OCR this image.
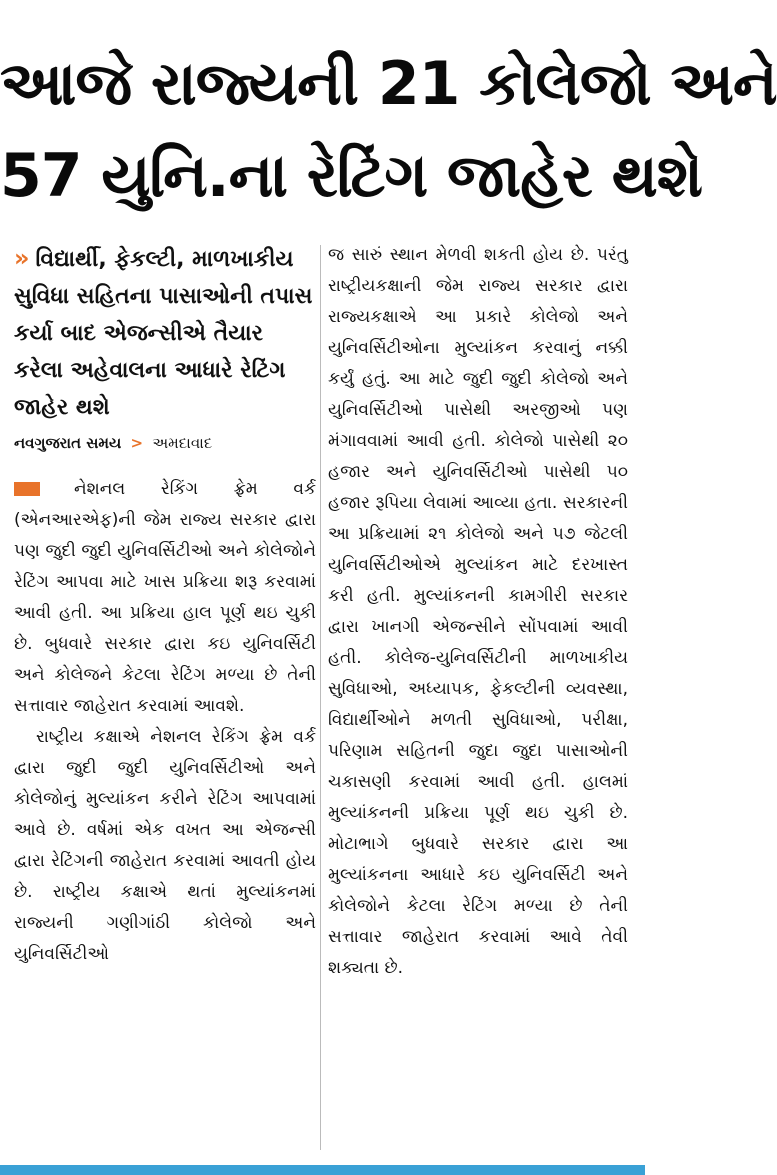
આજે રાજ્યની 21 કોલેજો અને
57 યુનિ.ના રેટિંગ જાહેર થશે
» વિદ્યાર્થી, ફેકલ્ટી, માળખાકીય સુવિધા સહિતના પાસાઓની તપાસ કર્યા બાદ એજન્સીએ તૈયાર કરેલા અહેવાલના આધારે રેટિંગ જાહેર થશે
નવગુજરાત સમય > અમદાવાદ

નેશનલ રેકિંગ ફ્રેમ વર્ક (એનઆરએફ)ની જેમ રાજ્ય સરકાર દ્વારા પણ જુદી જુદી યુનિવર્સિટીઓ અને કોલેજોને રેટિંગ આપવા માટે ખાસ પ્રક્રિયા શરૂ કરવામાં આવી હતી. આ પ્રક્રિયા હાલ પૂર્ણ થઇ ચુકી છે. બુધવારે સરકાર દ્વારા કઇ યુનિવર્સિટી અને કોલેજને કેટલા રેટિંગ મળ્યા છે તેની સત્તાવાર જાહેરાત કરવામાં આવશે.

રાષ્ટ્રીય કક્ષાએ નેશનલ રેકિંગ ફ્રેમ વર્ક દ્વારા જુદી જુદી યુનિવર્સિટીઓ અને કોલેજોનું મુલ્યાંકન કરીને રેટિંગ આપવામાં આવે છે. વર્ષમાં એક વખત આ એજન્સી દ્વારા રેટિંગની જાહેરાત કરવામાં આવતી હોય છે. રાષ્ટ્રીય કક્ષાએ થતાં મુલ્યાંકનમાં રાજ્યની ગણીગાંઠી કોલેજો અને યુનિવર્સિટીઓ

જ સારું સ્થાન મેળવી શકતી હોય છે. પરંતુ રાષ્ટ્રીયકક્ષાની જેમ રાજ્ય સરકાર દ્વારા રાજ્યકક્ષાએ આ પ્રકારે કોલેજો અને યુનિવર્સિટીઓના મુલ્યાંકન કરવાનું નક્કી કર્યું હતું. આ માટે જુદી જુદી કોલેજો અને યુનિવર્સિટીઓ પાસેથી અરજીઓ પણ મંગાવવામાં આવી હતી. કોલેજો પાસેથી ૨૦ હજાર અને યુનિવર્સિટીઓ પાસેથી ૫૦ હજાર રૂપિયા લેવામાં આવ્યા હતા. સરકારની આ પ્રક્રિયામાં ૨૧ કોલેજો અને ૫૭ જેટલી યુનિવર્સિટીઓએ મુલ્યાંકન માટે દરખાસ્ત કરી હતી. મુલ્યાંકનની કામગીરી સરકાર દ્વારા ખાનગી એજન્સીને સોંપવામાં આવી હતી. કોલેજ-યુનિવર્સિટીની માળખાકીય સુવિધાઓ, અધ્યાપક, ફેકલ્ટીની વ્યવસ્થા, વિદ્યાર્થીઓને મળતી સુવિધાઓ, પરીક્ષા, પરિણામ સહિતની જુદા જુદા પાસાઓની ચકાસણી કરવામાં આવી હતી. હાલમાં મુલ્યાંકનની પ્રક્રિયા પૂર્ણ થઇ ચુકી છે. મોટાભાગે બુધવારે સરકાર દ્વારા આ મુલ્યાંકનના આધારે કઇ યુનિવર્સિટી અને કોલેજોને કેટલા રેટિંગ મળ્યા છે તેની સત્તાવાર જાહેરાત કરવામાં આવે તેવી શક્યતા છે.
